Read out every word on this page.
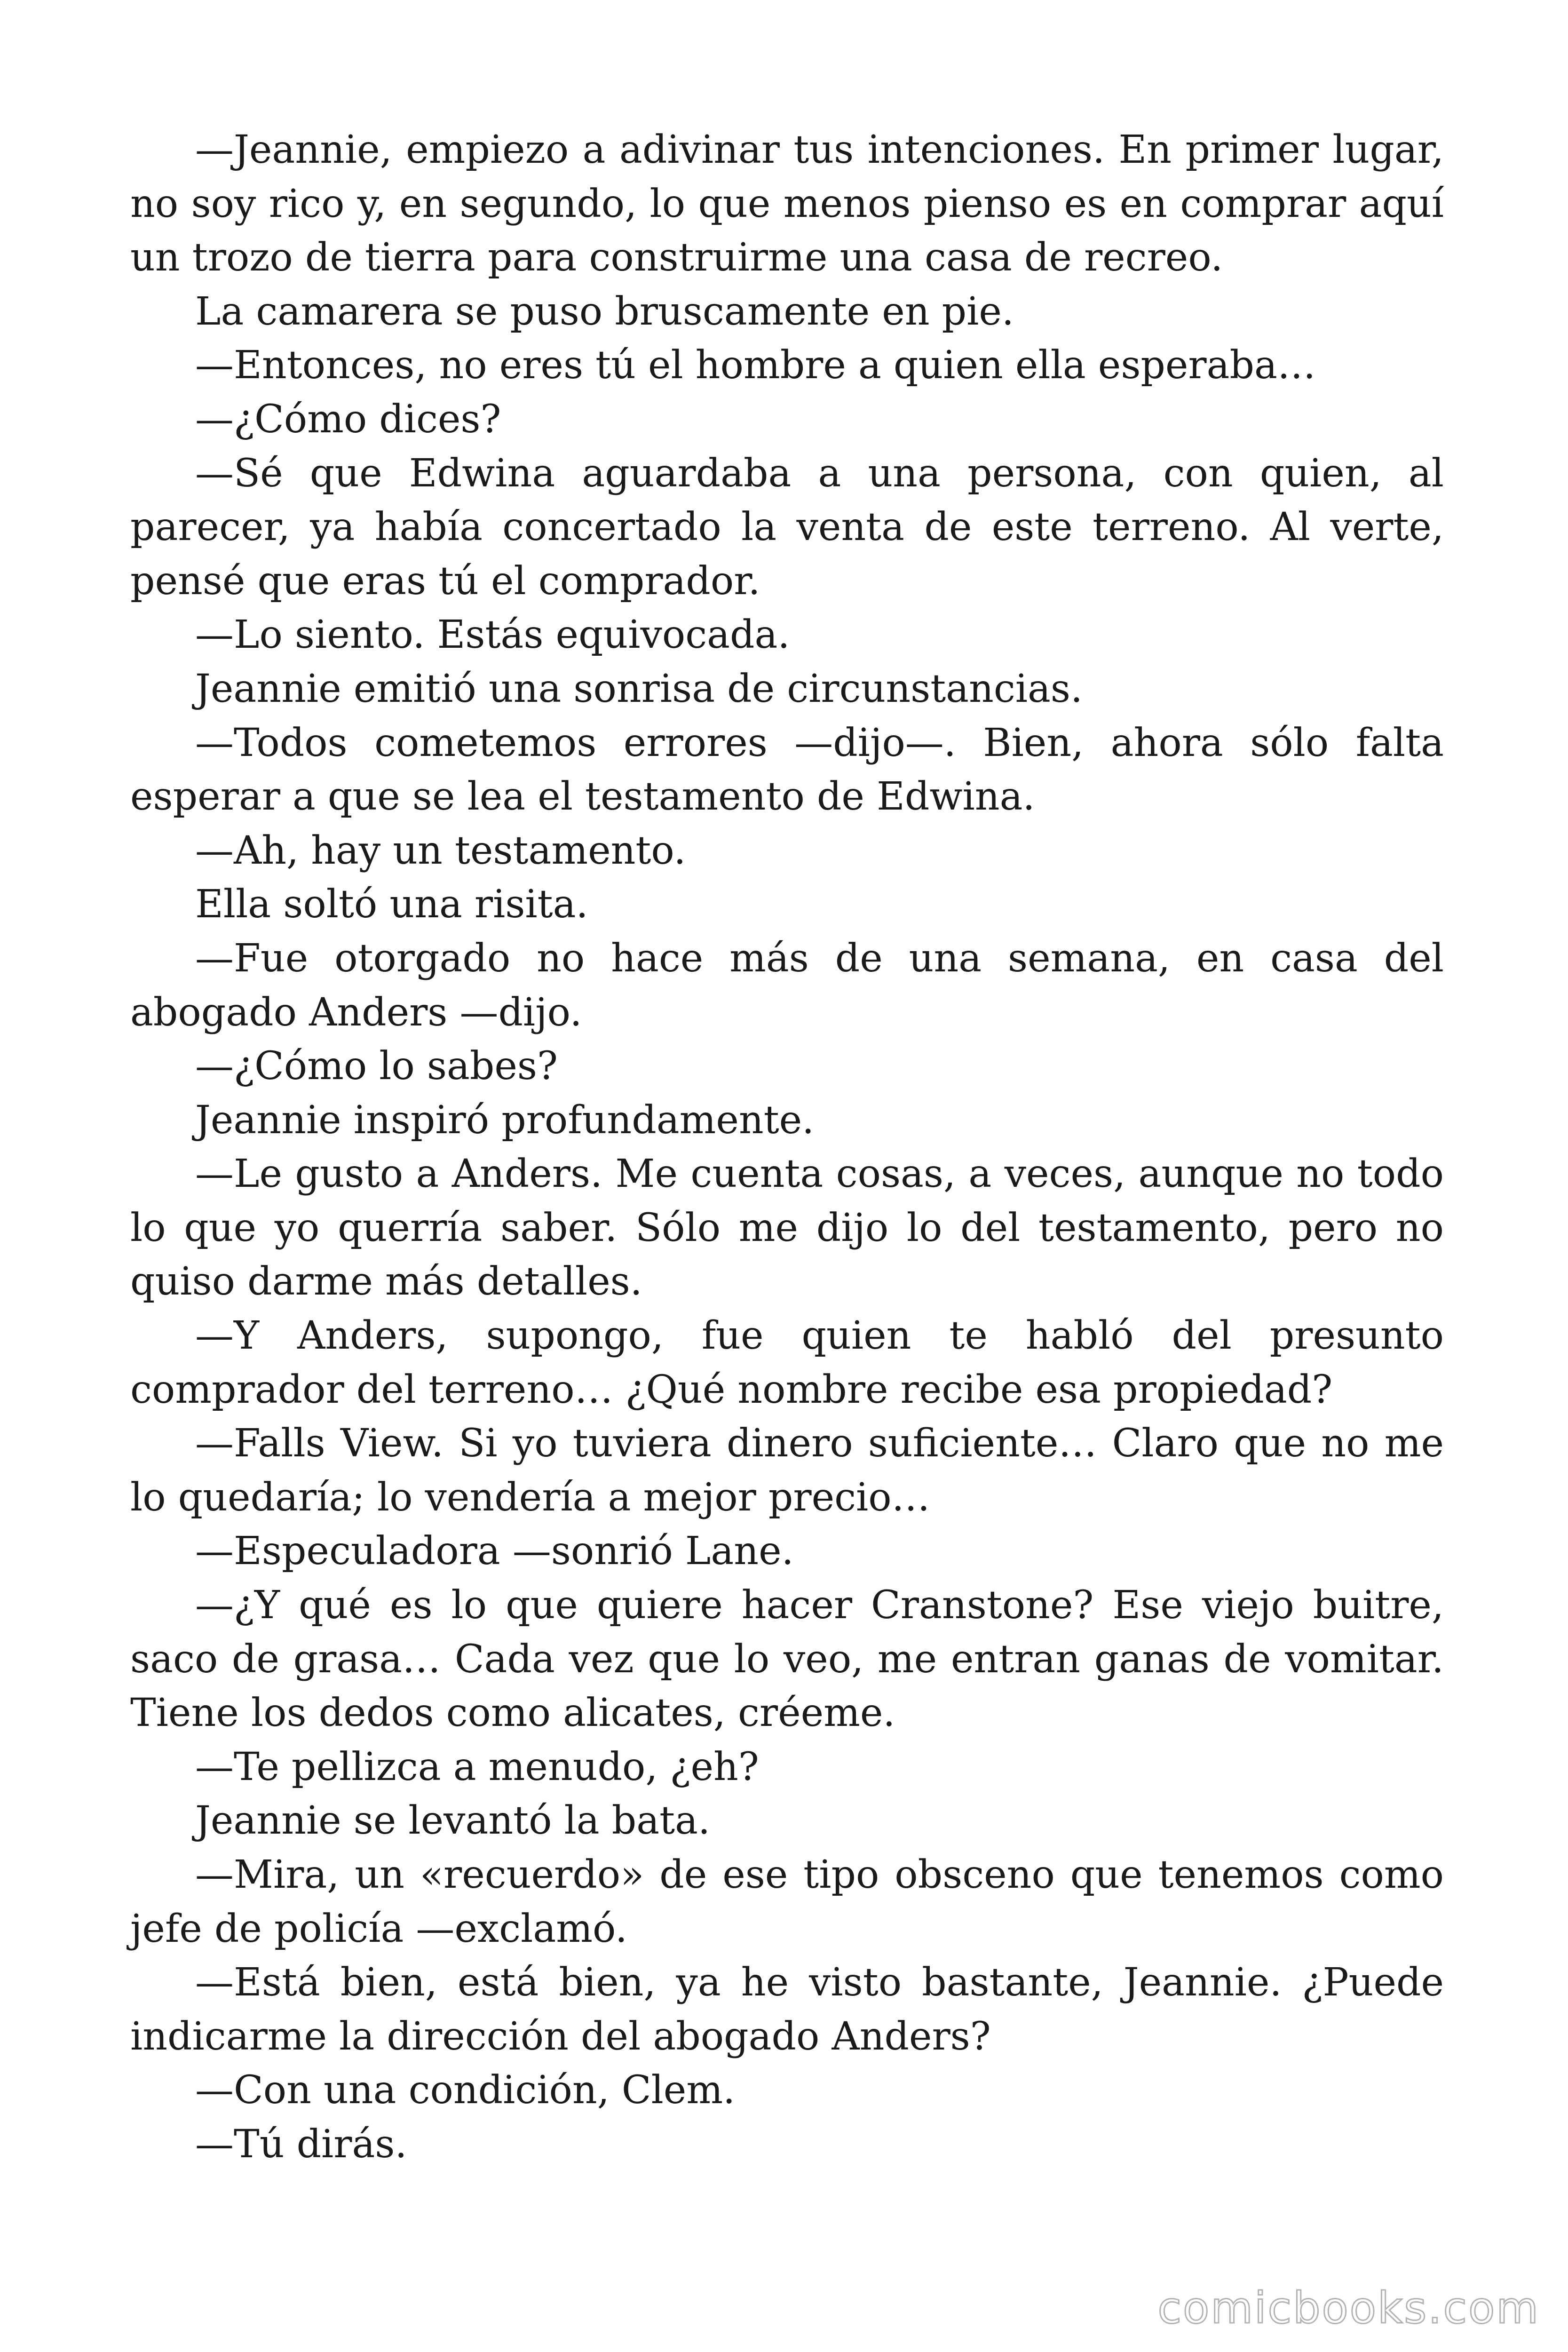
—Jeannie, empiezo a adivinar tus intenciones. En primer lugar, no soy rico y, en segundo, lo que menos pienso es en comprar aquí un trozo de tierra para construirme una casa de recreo.

La camarera se puso bruscamente en pie.

—Entonces, no eres tú el hombre a quien ella esperaba…

—¿Cómo dices?

—Sé que Edwina aguardaba a una persona, con quien, al parecer, ya había concertado la venta de este terreno. Al verte, pensé que eras tú el comprador.

—Lo siento. Estás equivocada.

Jeannie emitió una sonrisa de circunstancias.

—Todos cometemos errores —dijo—. Bien, ahora sólo falta esperar a que se lea el testamento de Edwina.

—Ah, hay un testamento.

Ella soltó una risita.

—Fue otorgado no hace más de una semana, en casa del abogado Anders —dijo.

—¿Cómo lo sabes?

Jeannie inspiró profundamente.

—Le gusto a Anders. Me cuenta cosas, a veces, aunque no todo lo que yo querría saber. Sólo me dijo lo del testamento, pero no quiso darme más detalles.

—Y Anders, supongo, fue quien te habló del presunto comprador del terreno… ¿Qué nombre recibe esa propiedad?

—Falls View. Si yo tuviera dinero suficiente… Claro que no me lo quedaría; lo vendería a mejor precio…

—Especuladora —sonrió Lane.

—¿Y qué es lo que quiere hacer Cranstone? Ese viejo buitre, saco de grasa… Cada vez que lo veo, me entran ganas de vomitar. Tiene los dedos como alicates, créeme.

—Te pellizca a menudo, ¿eh?

Jeannie se levantó la bata.

—Mira, un «recuerdo» de ese tipo obsceno que tenemos como jefe de policía —exclamó.

—Está bien, está bien, ya he visto bastante, Jeannie. ¿Puede indicarme la dirección del abogado Anders?

—Con una condición, Clem.

—Tú dirás.

comicbooks.com
